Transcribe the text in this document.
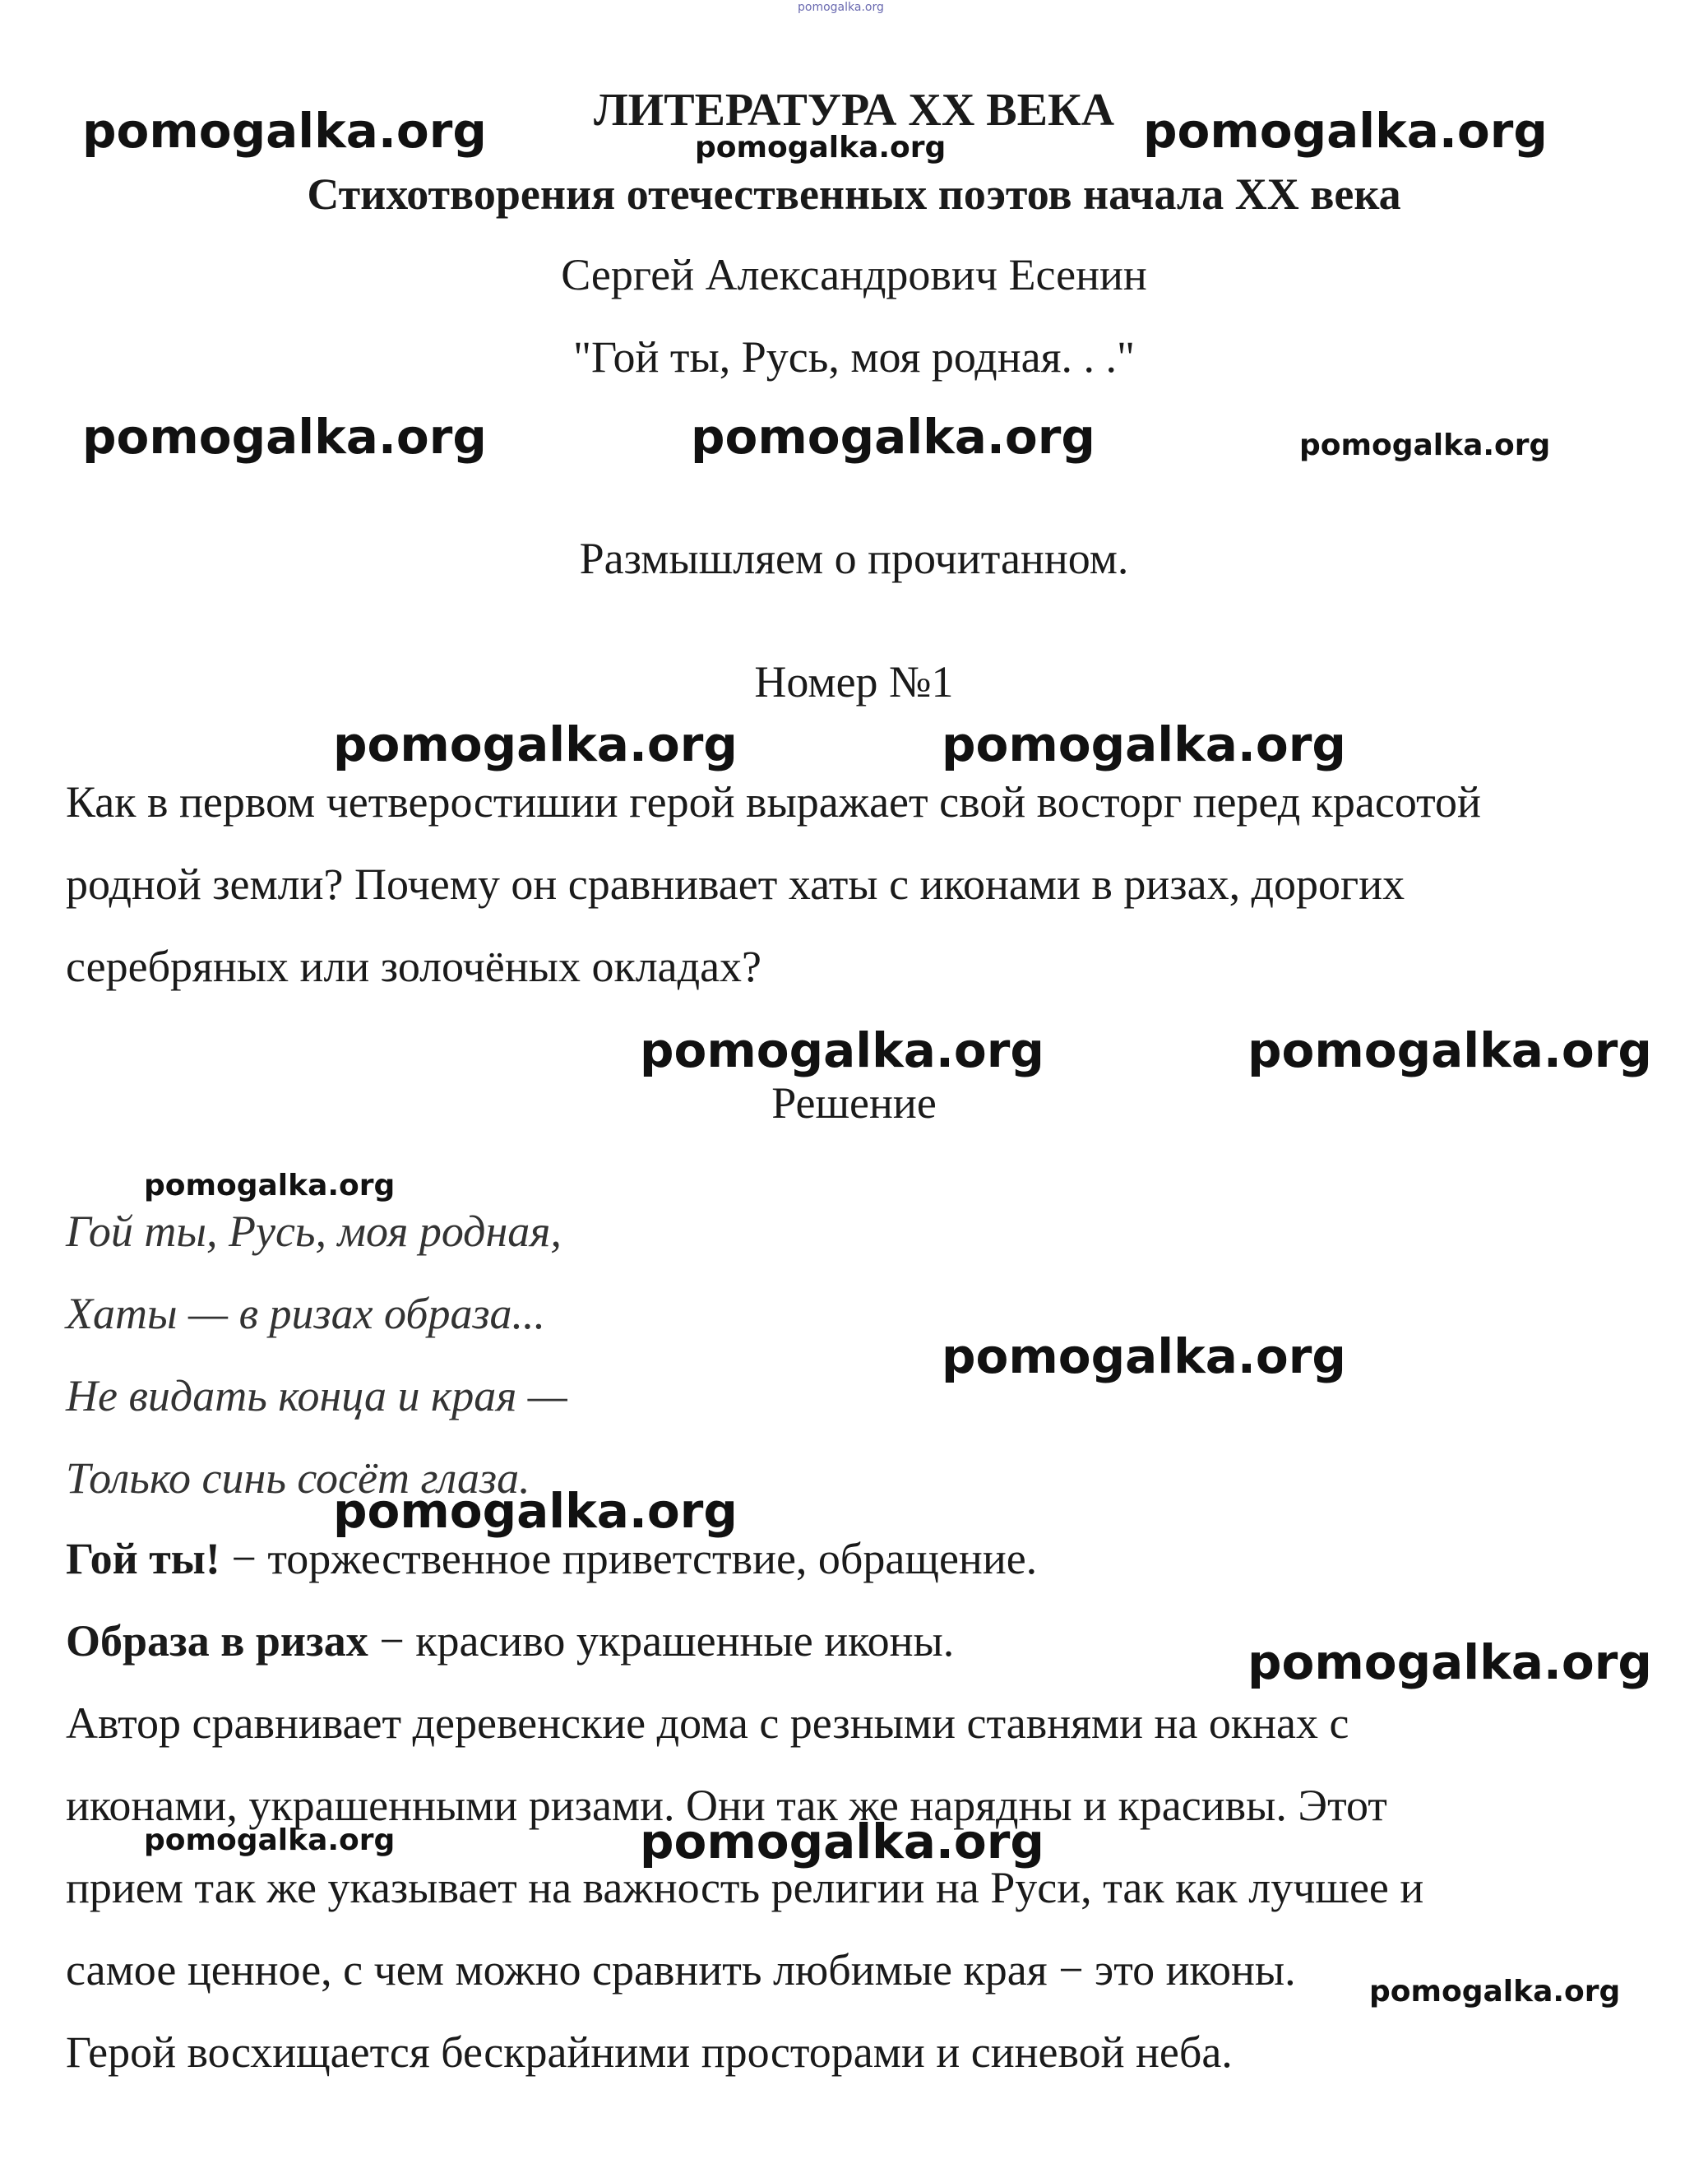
pomogalka.org
ЛИТЕРАТУРА XX ВЕКА
Стихотворения отечественных поэтов начала XX века
Сергей Александрович Есенин
"Гой ты, Русь, моя родная. . ."
Размышляем о прочитанном.
Номер №1
Как в первом четверостишии герой выражает свой восторг перед красотой
родной земли? Почему он сравнивает хаты с иконами в ризах, дорогих
серебряных или золочёных окладах?
Решение
Гой ты, Русь, моя родная,
Хаты — в ризах образа...
Не видать конца и края —
Только синь сосёт глаза.
Гой ты! − торжественное приветствие, обращение.
Образа в ризах − красиво украшенные иконы.
Автор сравнивает деревенские дома с резными ставнями на окнах с
иконами, украшенными ризами. Они так же нарядны и красивы. Этот
прием так же указывает на важность религии на Руси, так как лучшее и
самое ценное, с чем можно сравнить любимые края − это иконы.
Герой восхищается бескрайними просторами и синевой неба.
pomogalka.org	pomogalka.org	pomogalka.org
pomogalka.org	pomogalka.org	pomogalka.org
pomogalka.org	pomogalka.org
pomogalka.org	pomogalka.org
pomogalka.org
pomogalka.org
pomogalka.org
pomogalka.org
pomogalka.org	pomogalka.org
pomogalka.org
